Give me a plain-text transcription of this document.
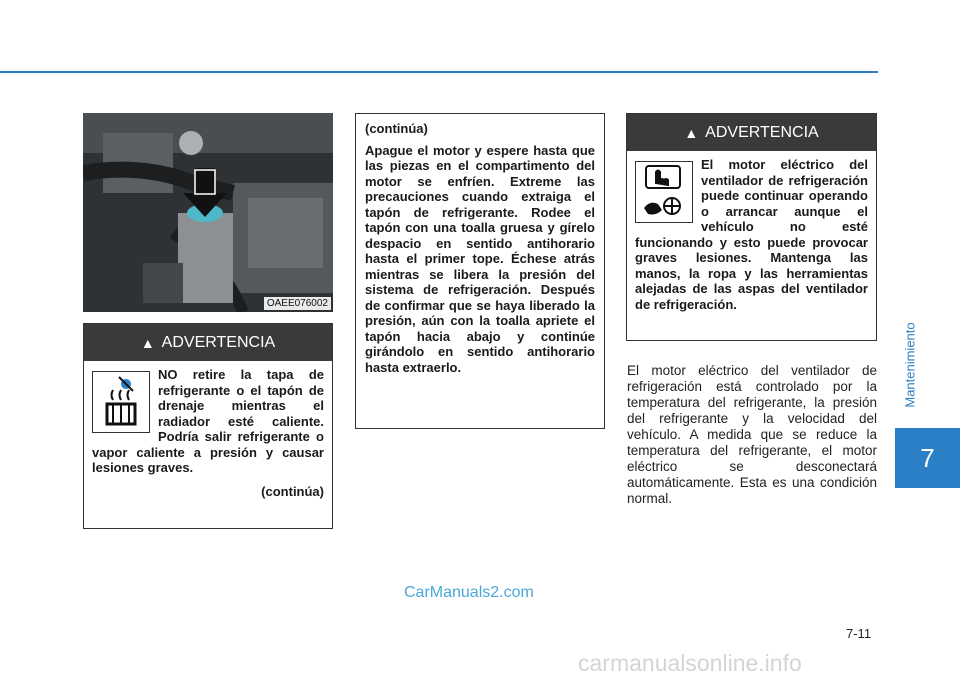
Mantenimiento
7
OAEE076002
▲ ADVERTENCIA
NO retire la tapa de refrigerante o el tapón de drenaje mientras el radiador esté caliente. Podría salir refrigerante o vapor caliente a presión y causar lesiones graves.
(continúa)
(continúa)
Apague el motor y espere hasta que las piezas en el compartimento del motor se enfríen. Extreme las precauciones cuando extraiga el tapón de refrigerante. Rodee el tapón con una toalla gruesa y gírelo despacio en sentido antihorario hasta el primer tope. Échese atrás mientras se libera la presión del sistema de refrigeración. Después de confirmar que se haya liberado la presión, aún con la toalla apriete el tapón hacia abajo y continúe girándolo en sentido antihorario hasta extraerlo.
▲ ADVERTENCIA
El motor eléctrico del ventilador de refrigeración puede continuar operando o arrancar aunque el vehículo no esté funcionando y esto puede provocar graves lesiones. Mantenga las manos, la ropa y las herramientas alejadas de las aspas del ventilador de refrigeración.
El motor eléctrico del ventilador de refrigeración está controlado por la temperatura del refrigerante, la presión del refrigerante y la velocidad del vehículo. A medida que se reduce la temperatura del refrigerante, el motor eléctrico se desconectará automáticamente. Esta es una condición normal.
7-11
CarManuals2.com
carmanualsonline.info
